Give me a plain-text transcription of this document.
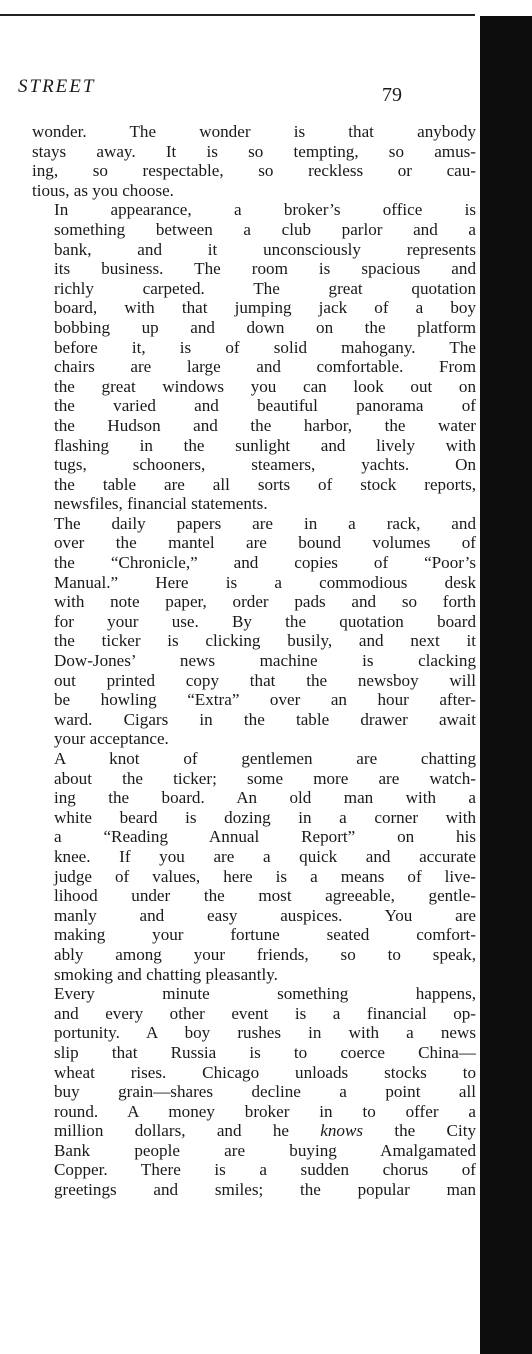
STREET	79

wonder. The wonder is that anybody
stays away. It is so tempting, so amus-
ing, so respectable, so reckless or cau-
tious, as you choose.

In appearance, a broker’s office is
something between a club parlor and a
bank, and it unconsciously represents
its business. The room is spacious and
richly carpeted. The great quotation
board, with that jumping jack of a boy
bobbing up and down on the platform
before it, is of solid mahogany. The
chairs are large and comfortable. From
the great windows you can look out on
the varied and beautiful panorama of
the Hudson and the harbor, the water
flashing in the sunlight and lively with
tugs, schooners, steamers, yachts. On
the table are all sorts of stock reports,
newsfiles, financial statements.

The daily papers are in a rack, and
over the mantel are bound volumes of
the “Chronicle,” and copies of “Poor’s
Manual.” Here is a commodious desk
with note paper, order pads and so forth
for your use. By the quotation board
the ticker is clicking busily, and next it
Dow-Jones’ news machine is clacking
out printed copy that the newsboy will
be howling “Extra” over an hour after-
ward. Cigars in the table drawer await
your acceptance.

A knot of gentlemen are chatting
about the ticker; some more are watch-
ing the board. An old man with a
white beard is dozing in a corner with
a “Reading Annual Report” on his
knee. If you are a quick and accurate
judge of values, here is a means of live-
lihood under the most agreeable, gentle-
manly and easy auspices. You are
making your fortune seated comfort-
ably among your friends, so to speak,
smoking and chatting pleasantly.

Every minute something happens,
and every other event is a financial op-
portunity. A boy rushes in with a news
slip that Russia is to coerce China—
wheat rises. Chicago unloads stocks to
buy grain—shares decline a point all
round. A money broker in to offer a
million dollars, and he knows the City
Bank people are buying Amalgamated
Copper. There is a sudden chorus of
greetings and smiles; the popular man
